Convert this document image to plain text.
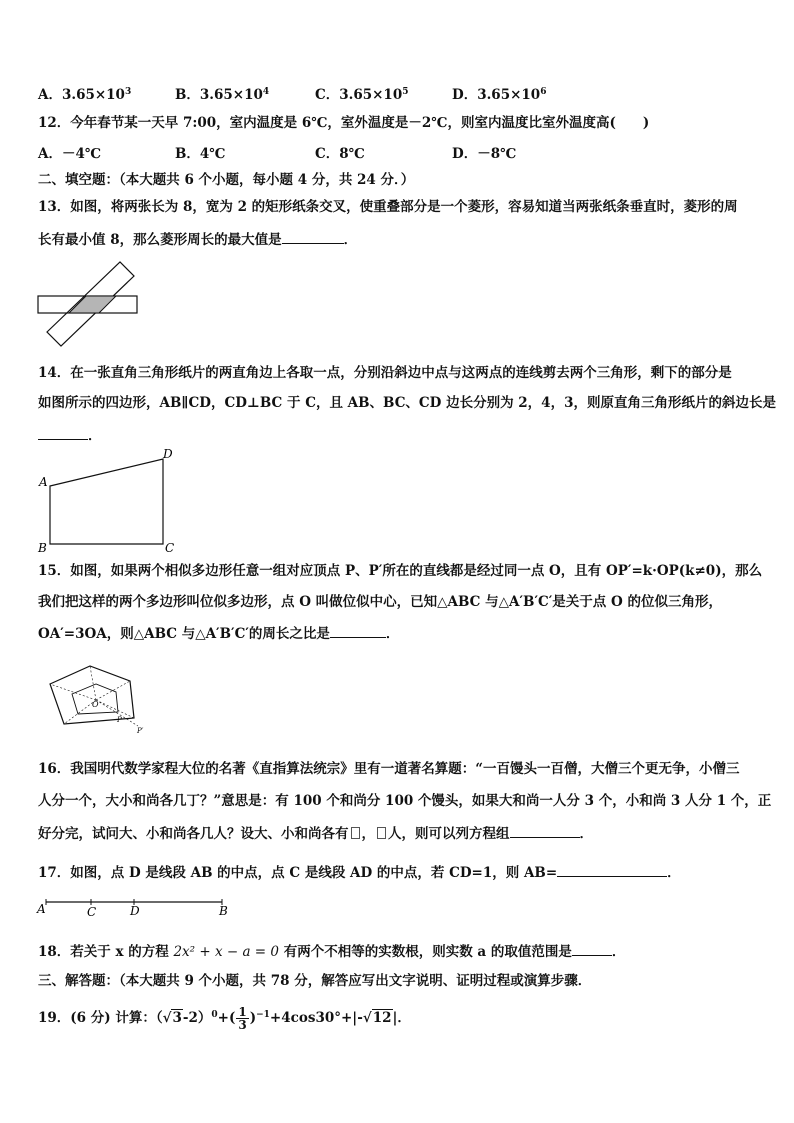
A．3.65×103	B．3.65×104	C．3.65×105	D．3.65×106
12．今年春节某一天早 7:00，室内温度是 6℃，室外温度是－2℃，则室内温度比室外温度高(　　)
A．－4℃	B．4℃	C．8℃	D．－8℃
二、填空题：（本大题共 6 个小题，每小题 4 分，共 24 分．）
13．如图，将两张长为 8，宽为 2 的矩形纸条交叉，使重叠部分是一个菱形，容易知道当两张纸条垂直时，菱形的周
长有最小值 8，那么菱形周长的最大值是	．
14．在一张直角三角形纸片的两直角边上各取一点，分别沿斜边中点与这两点的连线剪去两个三角形，剩下的部分是
如图所示的四边形，AB∥CD，CD⊥BC 于 C，且 AB、BC、CD 边长分别为 2，4，3，则原直角三角形纸片的斜边长是
．
A
B	C
D
15．如图，如果两个相似多边形任意一组对应顶点 P、P′所在的直线都是经过同一点 O，且有 OP′=k·OP(k≠0)，那么
我们把这样的两个多边形叫位似多边形，点 O 叫做位似中心，已知△ABC 与△A′B′C′是关于点 O 的位似三角形，
OA′=3OA，则△ABC 与△A′B′C′的周长之比是	．
O
P
P′
16．我国明代数学家程大位的名著《直指算法统宗》里有一道著名算题：“一百馒头一百僧，大僧三个更无争，小僧三
人分一个，大小和尚各几丁？”意思是：有 100 个和尚分 100 个馒头，如果大和尚一人分 3 个，小和尚 3 人分 1 个，正
好分完，试问大、小和尚各几人？设大、小和尚各有 ， 人，则可以列方程组	．
17．如图，点 D 是线段 AB 的中点，点 C 是线段 AD 的中点，若 CD=1，则 AB=	．
A	C	D	B
18．若关于 x 的方程 2x² + x − a = 0 有两个不相等的实数根，则实数 a 的取值范围是	．
三、解答题：（本大题共 9 个小题，共 78 分，解答应写出文字说明、证明过程或演算步骤．
19．(6 分) 计算：$(√3-2)^0+( \frac{1}{3} )^{-1}+4\cos 30^\circ+|-√12|$．
